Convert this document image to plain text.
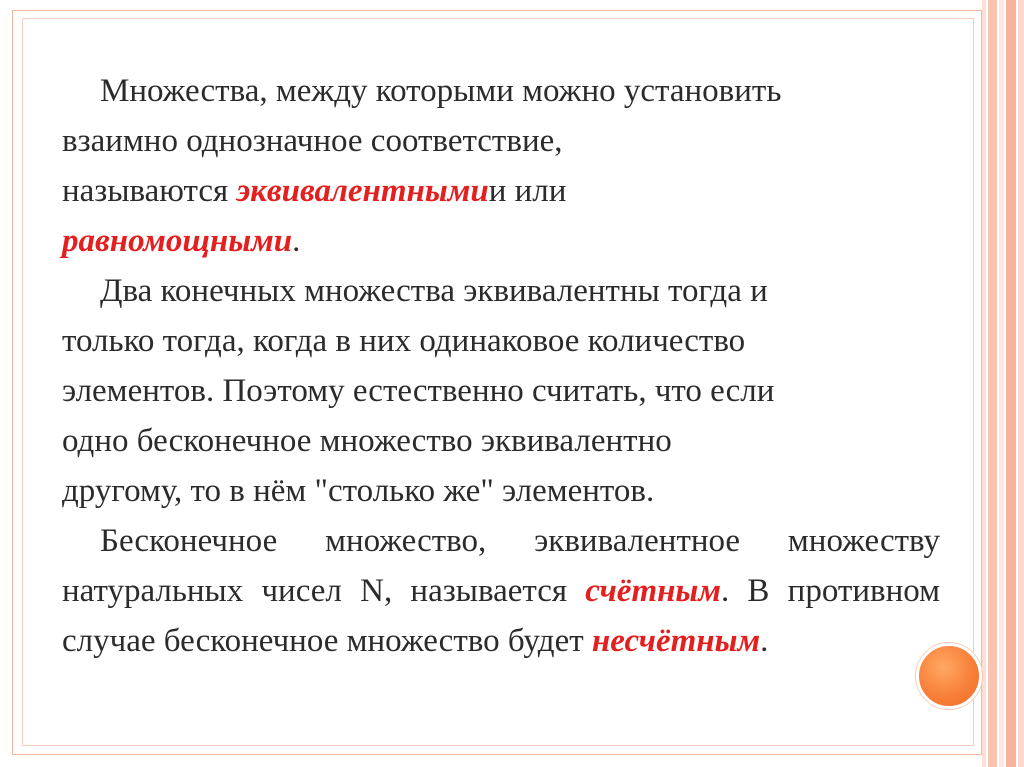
Множества, между которыми можно установить
взаимно однозначное соответствие,
называются эквивалентнымии или
равномощными.

Два конечных множества эквивалентны тогда и
только тогда, когда в них одинаковое количество
элементов. Поэтому естественно считать, что если
одно бесконечное множество эквивалентно
другому, то в нём "столько же" элементов.

Бесконечное множество, эквивалентное множеству натуральных чисел N, называется счётным. В противном случае бесконечное множество будет несчётным.
